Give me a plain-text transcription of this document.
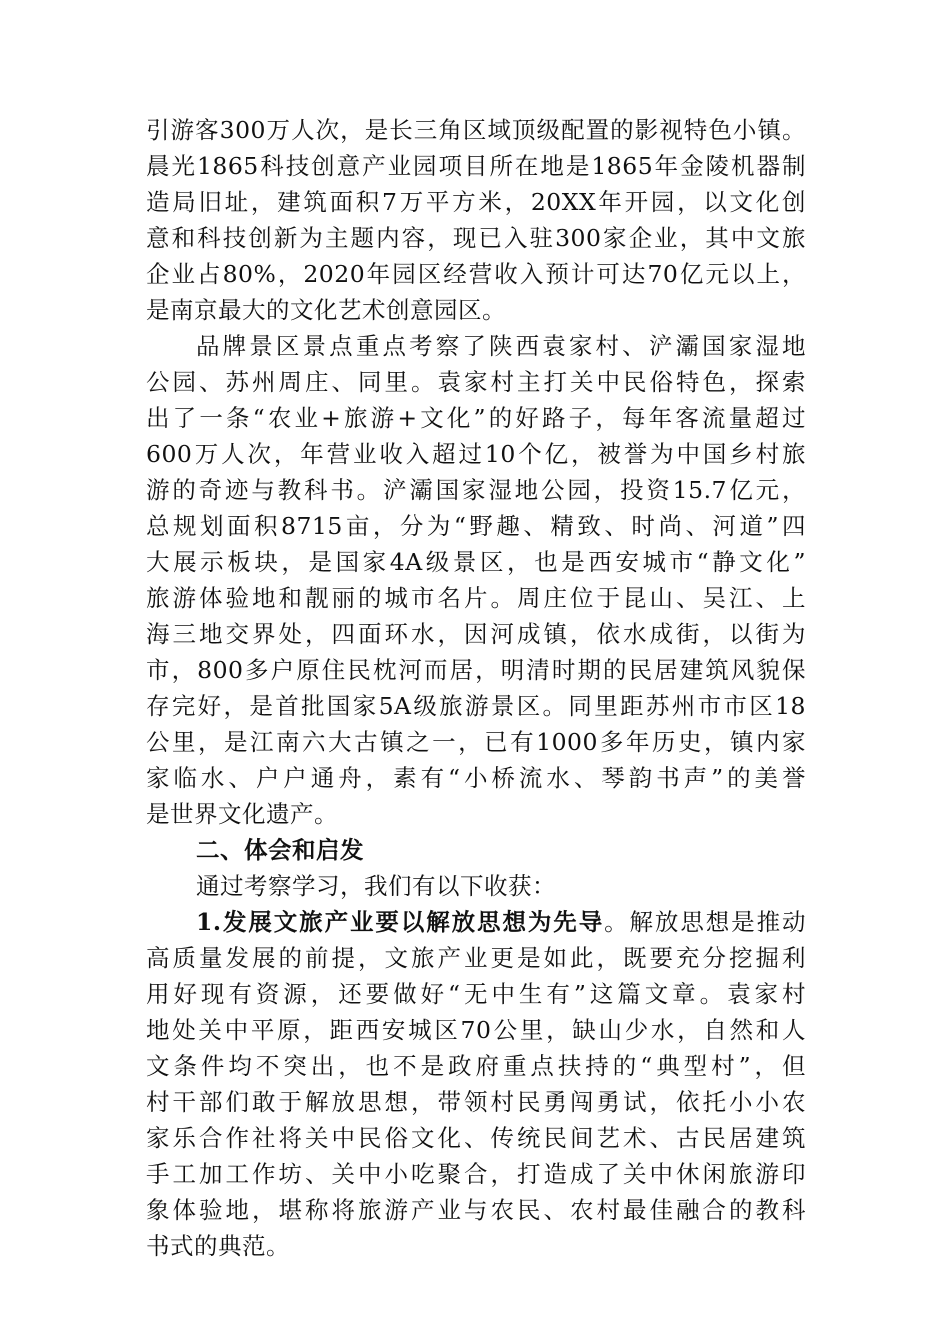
引游客300万人次，是长三角区域顶级配置的影视特色小镇。
晨光1865科技创意产业园项目所在地是1865年金陵机器制
造局旧址，建筑面积7万平方米，20XX年开园，以文化创
意和科技创新为主题内容，现已入驻300家企业，其中文旅
企业占80%，2020年园区经营收入预计可达70亿元以上，
是南京最大的文化艺术创意园区。
品牌景区景点重点考察了陕西袁家村、浐灞国家湿地
公园、苏州周庄、同里。袁家村主打关中民俗特色，探索
出了一条“农业+旅游+文化”的好路子，每年客流量超过
600万人次，年营业收入超过10个亿，被誉为中国乡村旅
游的奇迹与教科书。浐灞国家湿地公园，投资15.7亿元，
总规划面积8715亩，分为“野趣、精致、时尚、河道”四
大展示板块，是国家4A级景区，也是西安城市“静文化”
旅游体验地和靓丽的城市名片。周庄位于昆山、吴江、上
海三地交界处，四面环水，因河成镇，依水成街，以街为
市，800多户原住民枕河而居，明清时期的民居建筑风貌保
存完好，是首批国家5A级旅游景区。同里距苏州市市区18
公里，是江南六大古镇之一，已有1000多年历史，镇内家
家临水、户户通舟，素有“小桥流水、琴韵书声”的美誉
是世界文化遗产。
二、体会和启发
通过考察学习，我们有以下收获：
1.发展文旅产业要以解放思想为先导。解放思想是推动
高质量发展的前提，文旅产业更是如此，既要充分挖掘利
用好现有资源，还要做好“无中生有”这篇文章。袁家村
地处关中平原，距西安城区70公里，缺山少水，自然和人
文条件均不突出，也不是政府重点扶持的“典型村”，但
村干部们敢于解放思想，带领村民勇闯勇试，依托小小农
家乐合作社将关中民俗文化、传统民间艺术、古民居建筑
手工加工作坊、关中小吃聚合，打造成了关中休闲旅游印
象体验地，堪称将旅游产业与农民、农村最佳融合的教科
书式的典范。
